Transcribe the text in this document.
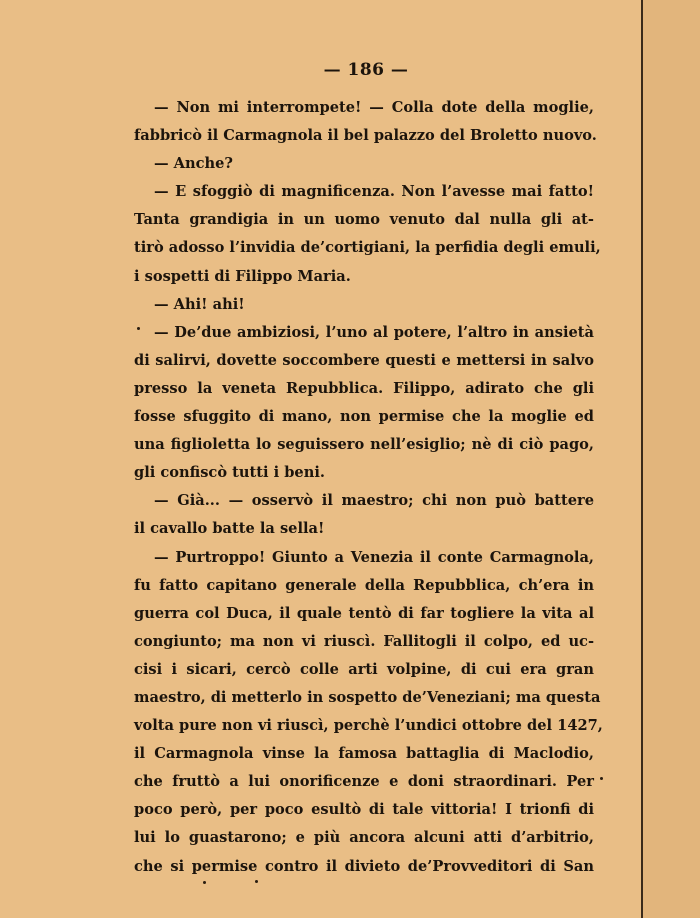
— 186 —
— Non mi interrompete! — Colla dote della moglie,
fabbricò il Carmagnola il bel palazzo del Broletto nuovo.
— Anche?
— E sfoggiò di magnificenza. Non l’avesse mai fatto!
Tanta grandigia in un uomo venuto dal nulla gli at-
tirò adosso l’invidia de’cortigiani, la perfidia degli emuli,
i sospetti di Filippo Maria.
— Ahi! ahi!
— De’due ambiziosi, l’uno al potere, l’altro in ansietà
di salirvi, dovette soccombere questi e mettersi in salvo
presso la veneta Repubblica. Filippo, adirato che gli
fosse sfuggito di mano, non permise che la moglie ed
una figlioletta lo seguissero nell’esiglio; nè di ciò pago,
gli confiscò tutti i beni.
— Già... — osservò il maestro; chi non può battere
il cavallo batte la sella!
— Purtroppo! Giunto a Venezia il conte Carmagnola,
fu fatto capitano generale della Repubblica, ch’era in
guerra col Duca, il quale tentò di far togliere la vita al
congiunto; ma non vi riuscì. Fallitogli il colpo, ed uc-
cisi i sicari, cercò colle arti volpine, di cui era gran
maestro, di metterlo in sospetto de’Veneziani; ma questa
volta pure non vi riuscì, perchè l’undici ottobre del 1427,
il Carmagnola vinse la famosa battaglia di Maclodio,
che fruttò a lui onorificenze e doni straordinari. Per
poco però, per poco esultò di tale vittoria! I trionfi di
lui lo guastarono; e più ancora alcuni atti d’arbitrio,
che si permise contro il divieto de’Provveditori di San
